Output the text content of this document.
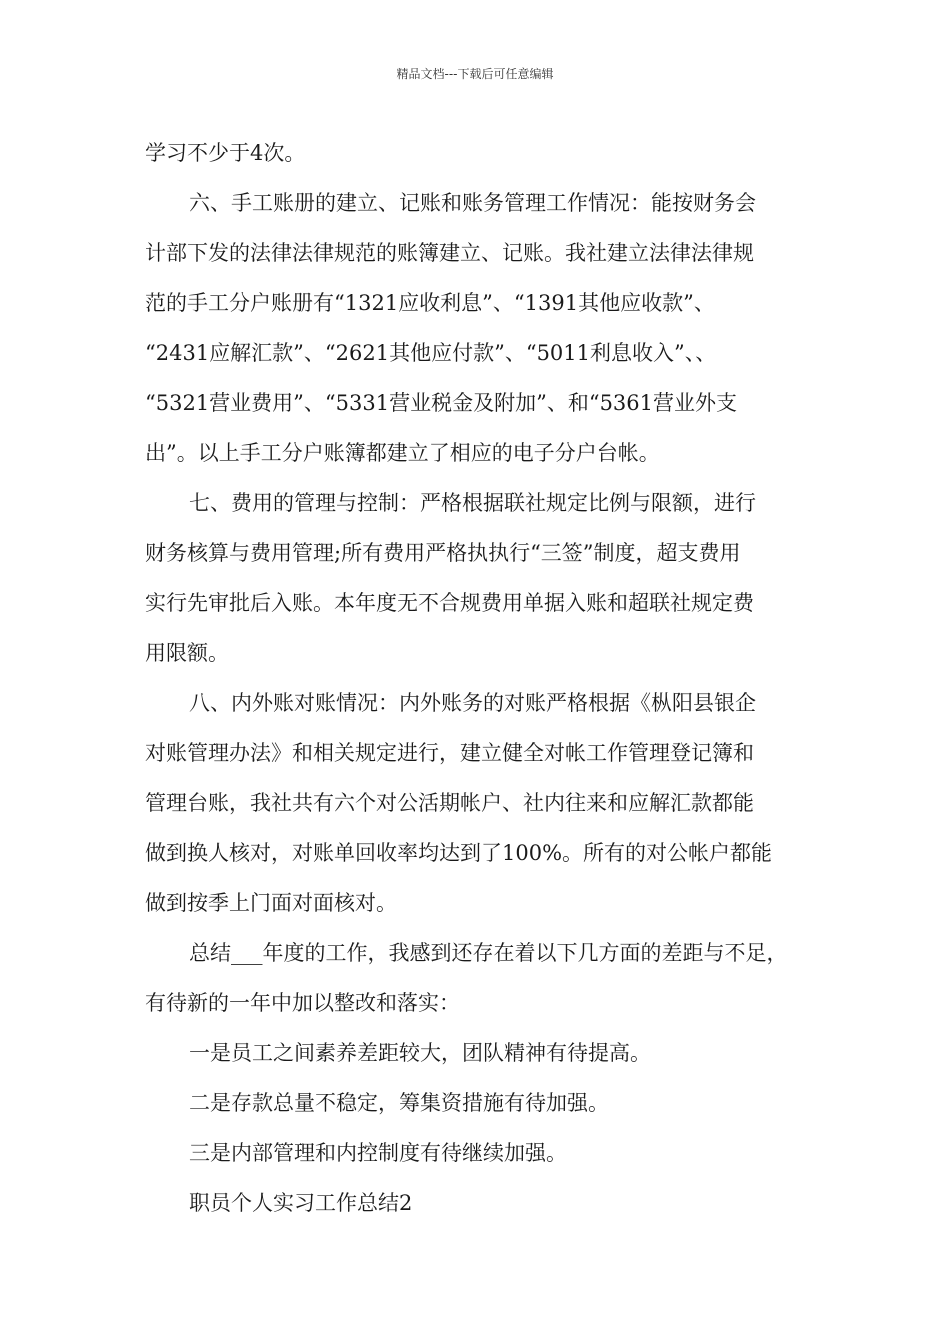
精品文档---下载后可任意编辑
学习不少于4次。
六、手工账册的建立、记账和账务管理工作情况：能按财务会
计部下发的法律法律规范的账簿建立、记账。我社建立法律法律规
范的手工分户账册有“1321应收利息”、“1391其他应收款”、
“2431应解汇款”、“2621其他应付款”、“5011利息收入”、、
“5321营业费用”、“5331营业税金及附加”、和“5361营业外支
出”。以上手工分户账簿都建立了相应的电子分户台帐。
七、费用的管理与控制：严格根据联社规定比例与限额，进行
财务核算与费用管理;所有费用严格执执行“三签”制度，超支费用
实行先审批后入账。本年度无不合规费用单据入账和超联社规定费
用限额。
八、内外账对账情况：内外账务的对账严格根据《枞阳县银企
对账管理办法》和相关规定进行，建立健全对帐工作管理登记簿和
管理台账，我社共有六个对公活期帐户、社内往来和应解汇款都能
做到换人核对，对账单回收率均达到了100%。所有的对公帐户都能
做到按季上门面对面核对。
总结___年度的工作，我感到还存在着以下几方面的差距与不足，
有待新的一年中加以整改和落实：
一是员工之间素养差距较大，团队精神有待提高。
二是存款总量不稳定，筹集资措施有待加强。
三是内部管理和内控制度有待继续加强。
职员个人实习工作总结2
